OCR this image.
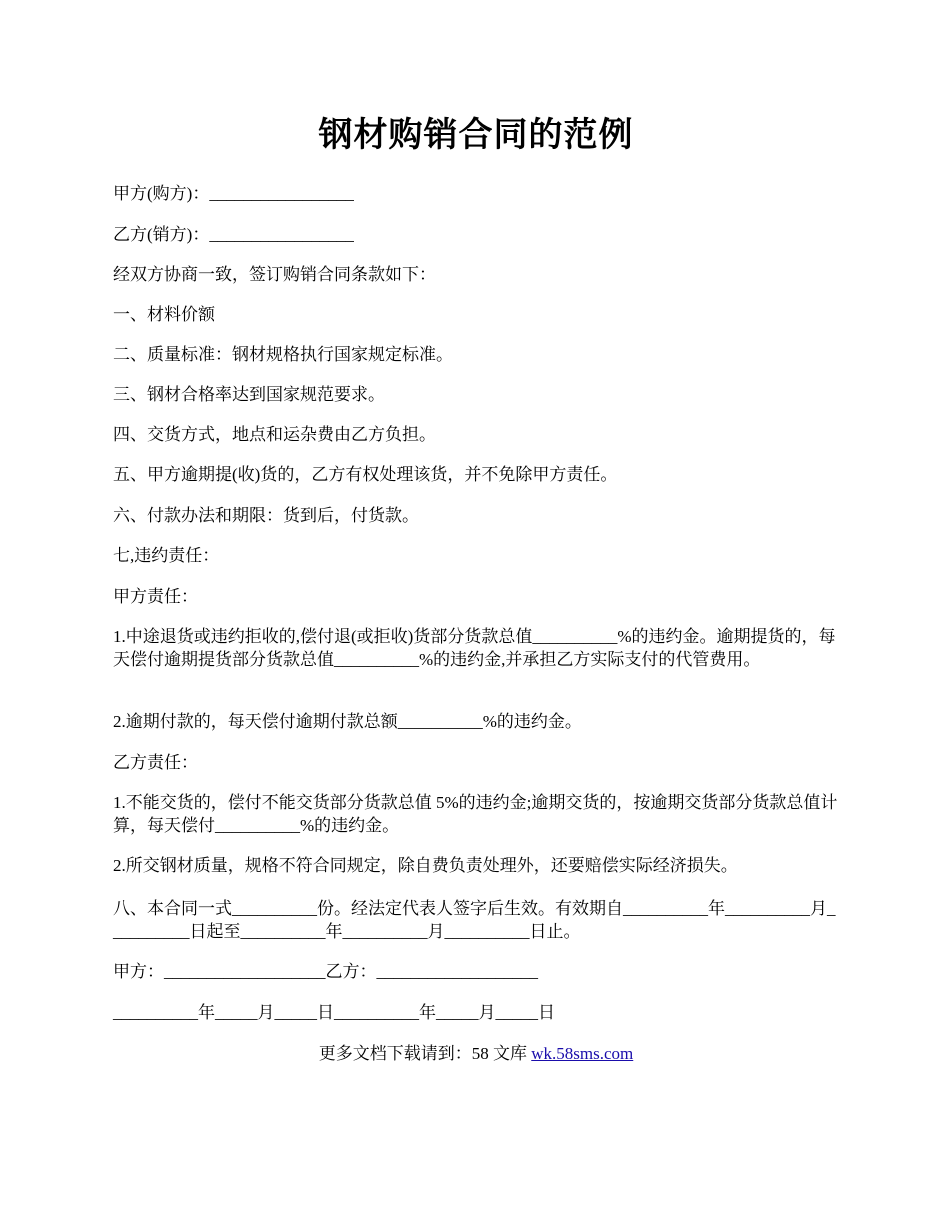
钢材购销合同的范例
甲方(购方)：_________________
乙方(销方)：_________________
经双方协商一致，签订购销合同条款如下：
一、材料价额
二、质量标准：钢材规格执行国家规定标准。
三、钢材合格率达到国家规范要求。
四、交货方式，地点和运杂费由乙方负担。
五、甲方逾期提(收)货的，乙方有权处理该货，并不免除甲方责任。
六、付款办法和期限：货到后，付货款。
七,违约责任：
甲方责任：
1.中途退货或违约拒收的,偿付退(或拒收)货部分货款总值__________%的违约金。逾期提货的，每天偿付逾期提货部分货款总值__________%的违约金,并承担乙方实际支付的代管费用。
2.逾期付款的，每天偿付逾期付款总额__________%的违约金。
乙方责任：
1.不能交货的，偿付不能交货部分货款总值 5%的违约金;逾期交货的，按逾期交货部分货款总值计算，每天偿付__________%的违约金。
2.所交钢材质量，规格不符合同规定，除自费负责处理外，还要赔偿实际经济损失。
八、本合同一式__________份。经法定代表人签字后生效。有效期自__________年__________月__________日起至__________年__________月__________日止。
甲方：___________________乙方：___________________
__________年_____月_____日__________年_____月_____日
更多文档下载请到：58 文库 wk.58sms.com
